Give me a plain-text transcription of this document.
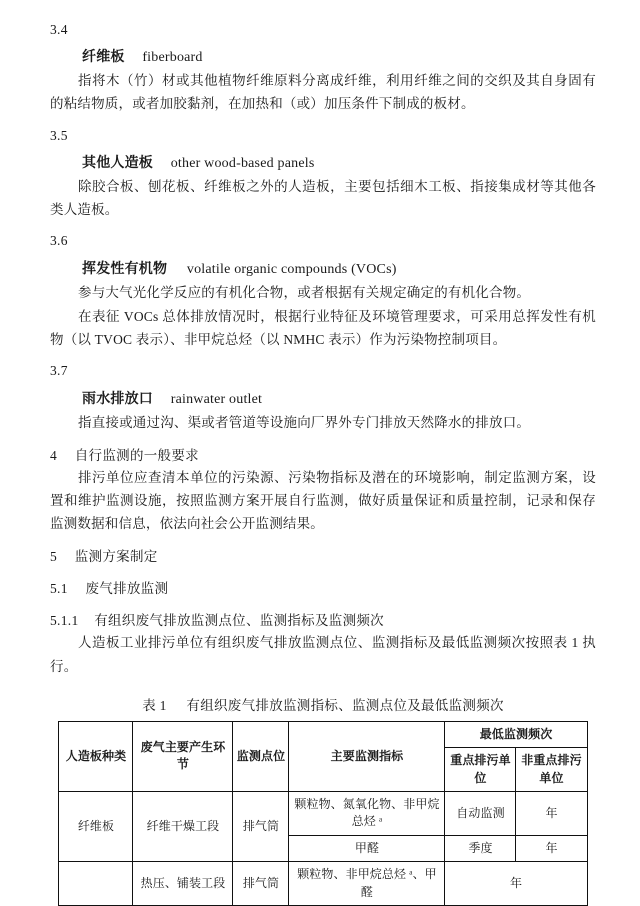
3.4
纤维板 fiberboard

指将木（竹）材或其他植物纤维原料分离成纤维，利用纤维之间的交织及其自身固有的粘结物质，或者加胶黏剂，在加热和（或）加压条件下制成的板材。

3.5
其他人造板 other wood-based panels

除胶合板、刨花板、纤维板之外的人造板，主要包括细木工板、指接集成材等其他各类人造板。

3.6
挥发性有机物 volatile organic compounds (VOCs)

参与大气光化学反应的有机化合物，或者根据有关规定确定的有机化合物。

在表征 VOCs 总体排放情况时，根据行业特征及环境管理要求，可采用总挥发性有机物（以 TVOC 表示）、非甲烷总烃（以 NMHC 表示）作为污染物控制项目。

3.7
雨水排放口 rainwater outlet

指直接或通过沟、渠或者管道等设施向厂界外专门排放天然降水的排放口。

4 自行监测的一般要求

排污单位应查清本单位的污染源、污染物指标及潜在的环境影响，制定监测方案，设置和维护监测设施，按照监测方案开展自行监测，做好质量保证和质量控制，记录和保存监测数据和信息，依法向社会公开监测结果。

5 监测方案制定
5.1 废气排放监测
5.1.1 有组织废气排放监测点位、监测指标及监测频次

人造板工业排污单位有组织废气排放监测点位、监测指标及最低监测频次按照表 1 执行。

表 1 有组织废气排放监测指标、监测点位及最低监测频次
人造板种类	废气主要产生环节	监测点位	主要监测指标	最低监测频次	
				重点排污单位	非重点排污单位
纤维板	纤维干燥工段	排气筒	颗粒物、氮氧化物、非甲烷总烃 ᵃ	自动监测	年
			甲醛	季度	年
	热压、铺装工段	排气筒	颗粒物、非甲烷总烃 ᵃ、甲醛	年	
